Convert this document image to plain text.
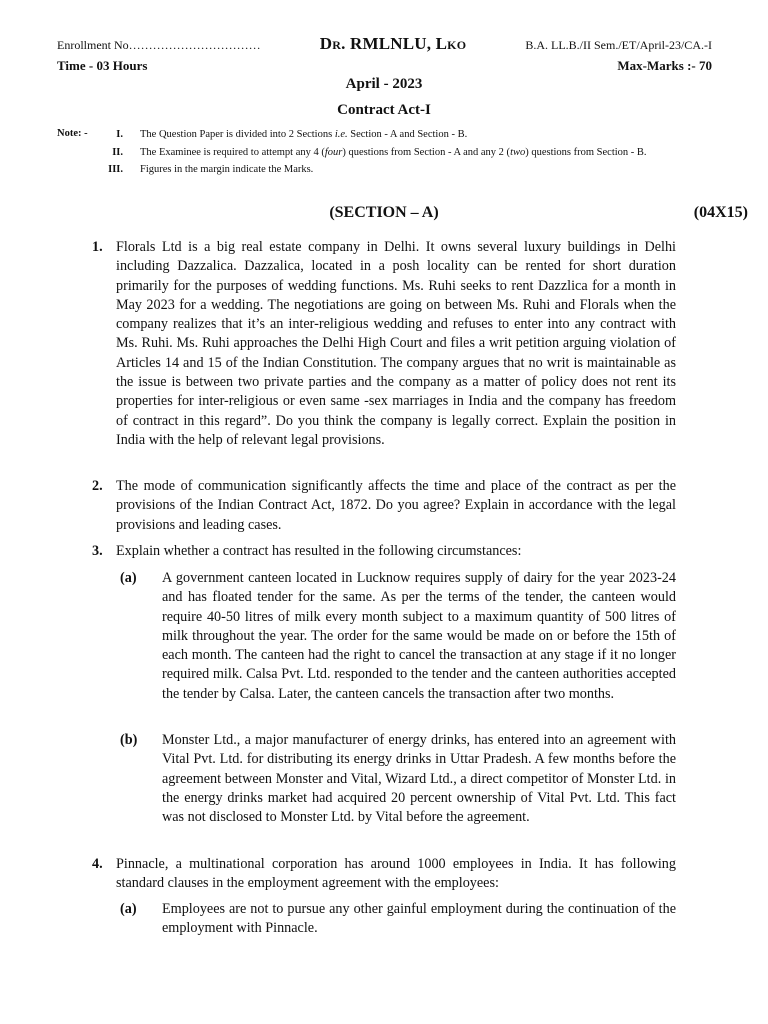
Enrollment No……………………………	Dr. RMLNLU, Lko	B.A. LL.B./II Sem./ET/April-23/CA.-I
Time - 03 Hours	Max-Marks :- 70
April - 2023
Contract Act-I
Note: -	I. The Question Paper is divided into 2 Sections i.e. Section - A and Section - B.
II. The Examinee is required to attempt any 4 (four) questions from Section - A and any 2 (two) questions from Section - B.
III. Figures in the margin indicate the Marks.
(SECTION – A)	(04X15)
1. Florals Ltd is a big real estate company in Delhi. It owns several luxury buildings in Delhi including Dazzalica. Dazzalica, located in a posh locality can be rented for short duration primarily for the purposes of wedding functions. Ms. Ruhi seeks to rent Dazzlica for a month in May 2023 for a wedding. The negotiations are going on between Ms. Ruhi and Florals when the company realizes that it’s an inter-religious wedding and refuses to enter into any contract with Ms. Ruhi. Ms. Ruhi approaches the Delhi High Court and files a writ petition arguing violation of Articles 14 and 15 of the Indian Constitution. The company argues that no writ is maintainable as the issue is between two private parties and the company as a matter of policy does not rent its properties for inter-religious or even same -sex marriages in India and the company has freedom of contract in this regard”. Do you think the company is legally correct. Explain the position in India with the help of relevant legal provisions.
2. The mode of communication significantly affects the time and place of the contract as per the provisions of the Indian Contract Act, 1872. Do you agree? Explain in accordance with the legal provisions and leading cases.
3. Explain whether a contract has resulted in the following circumstances:
(a) A government canteen located in Lucknow requires supply of dairy for the year 2023-24 and has floated tender for the same. As per the terms of the tender, the canteen would require 40-50 litres of milk every month subject to a maximum quantity of 500 litres of milk throughout the year. The order for the same would be made on or before the 15th of each month. The canteen had the right to cancel the transaction at any stage if it no longer required milk. Calsa Pvt. Ltd. responded to the tender and the canteen authorities accepted the tender by Calsa. Later, the canteen cancels the transaction after two months.
(b) Monster Ltd., a major manufacturer of energy drinks, has entered into an agreement with Vital Pvt. Ltd. for distributing its energy drinks in Uttar Pradesh. A few months before the agreement between Monster and Vital, Wizard Ltd., a direct competitor of Monster Ltd. in the energy drinks market had acquired 20 percent ownership of Vital Pvt. Ltd. This fact was not disclosed to Monster Ltd. by Vital before the agreement.
4. Pinnacle, a multinational corporation has around 1000 employees in India. It has following standard clauses in the employment agreement with the employees:
(a) Employees are not to pursue any other gainful employment during the continuation of the employment with Pinnacle.
